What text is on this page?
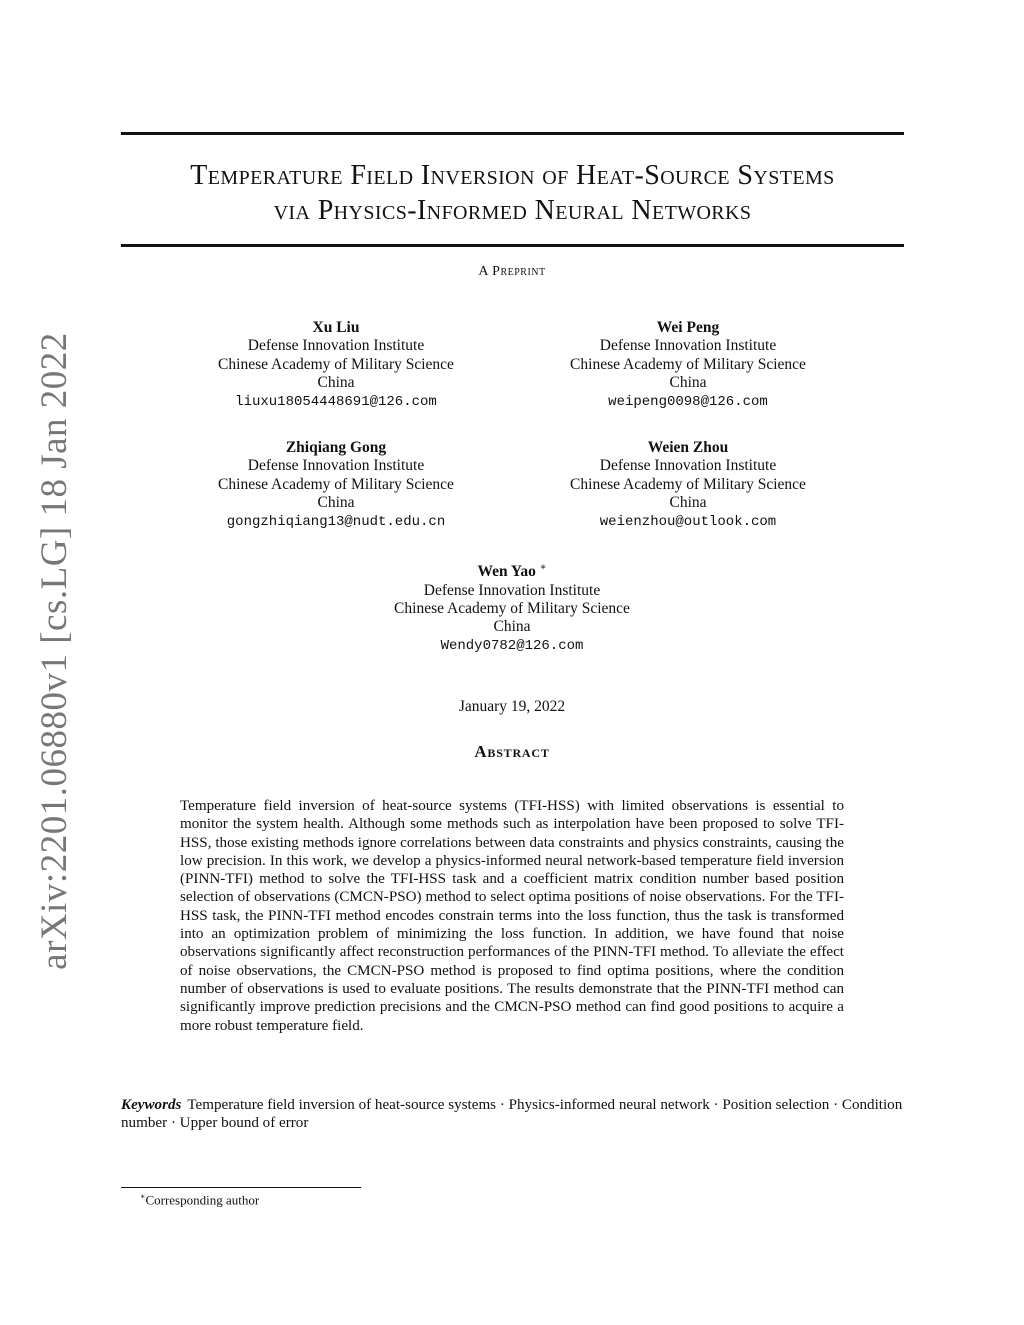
arXiv:2201.06880v1 [cs.LG] 18 Jan 2022
Temperature Field Inversion of Heat-Source Systems
via Physics-Informed Neural Networks
A Preprint
Xu Liu
Defense Innovation Institute
Chinese Academy of Military Science
China
liuxu18054448691@126.com
Wei Peng
Defense Innovation Institute
Chinese Academy of Military Science
China
weipeng0098@126.com
Zhiqiang Gong
Defense Innovation Institute
Chinese Academy of Military Science
China
gongzhiqiang13@nudt.edu.cn
Weien Zhou
Defense Innovation Institute
Chinese Academy of Military Science
China
weienzhou@outlook.com
Wen Yao ∗
Defense Innovation Institute
Chinese Academy of Military Science
China
Wendy0782@126.com
January 19, 2022
Abstract
Temperature field inversion of heat-source systems (TFI-HSS) with limited observations is essential to monitor the system health. Although some methods such as interpolation have been proposed to solve TFI-HSS, those existing methods ignore correlations between data constraints and physics constraints, causing the low precision. In this work, we develop a physics-informed neural network-based temperature field inversion (PINN-TFI) method to solve the TFI-HSS task and a coefficient matrix condition number based position selection of observations (CMCN-PSO) method to select optima positions of noise observations. For the TFI-HSS task, the PINN-TFI method encodes constrain terms into the loss function, thus the task is transformed into an optimization problem of minimizing the loss function. In addition, we have found that noise observations significantly affect reconstruction performances of the PINN-TFI method. To alleviate the effect of noise observations, the CMCN-PSO method is proposed to find optima positions, where the condition number of observations is used to evaluate positions. The results demonstrate that the PINN-TFI method can significantly improve prediction precisions and the CMCN-PSO method can find good positions to acquire a more robust temperature field.
Keywords Temperature field inversion of heat-source systems · Physics-informed neural network · Position selection · Condition number · Upper bound of error
∗Corresponding author
